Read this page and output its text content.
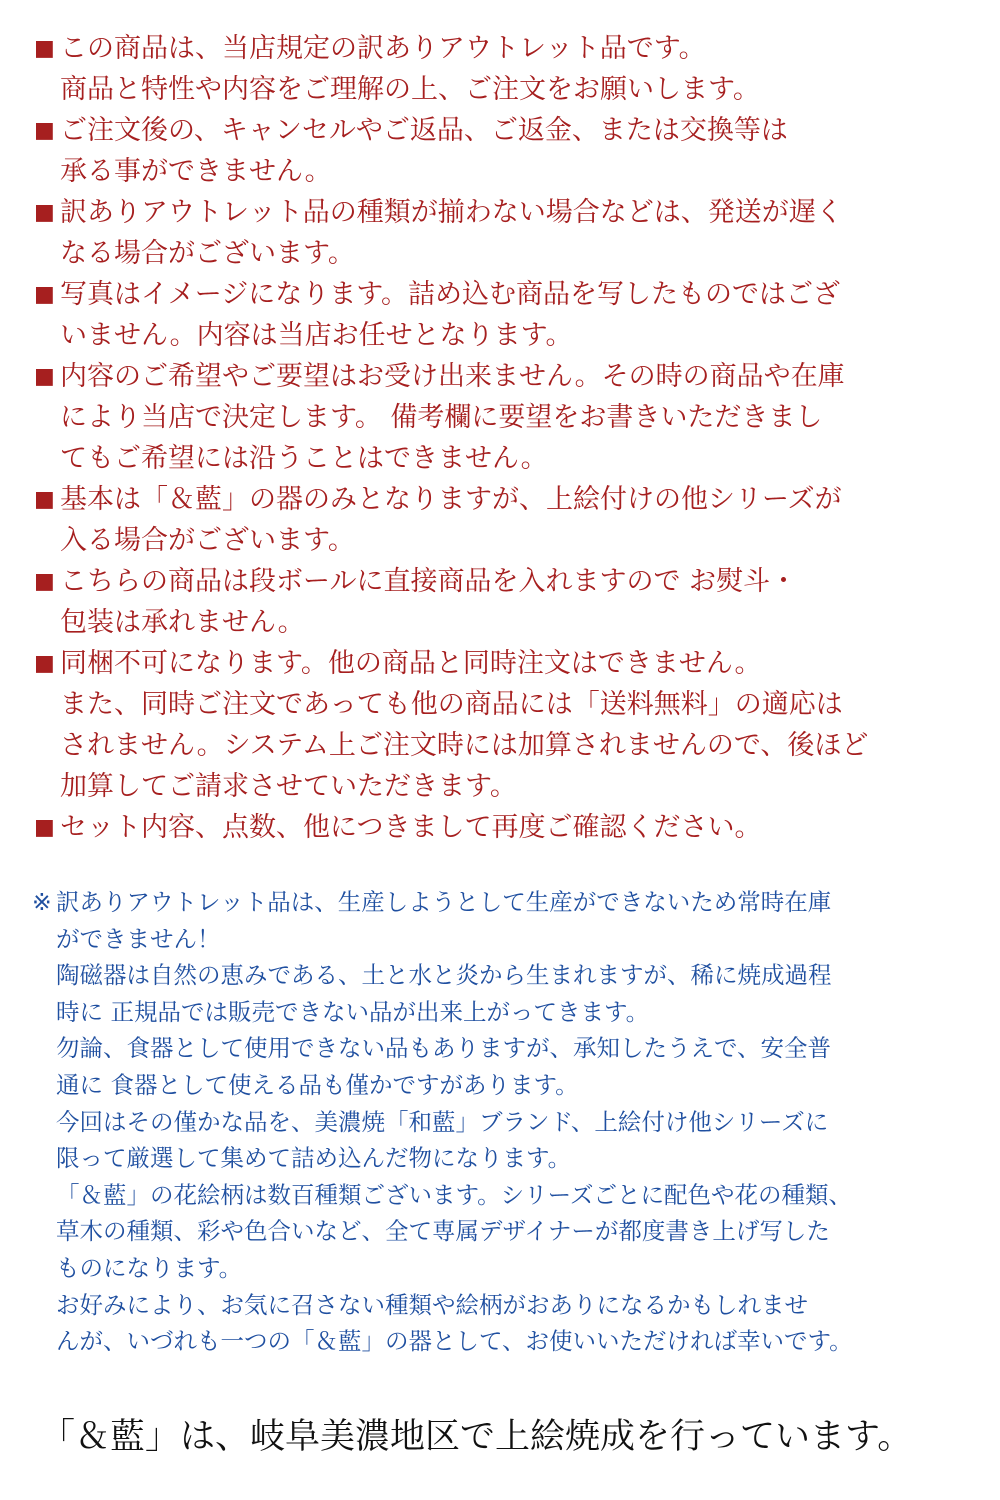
■ この商品は、当店規定の訳ありアウトレット品です。
商品と特性や内容をご理解の上、ご注文をお願いします。
■ ご注文後の、キャンセルやご返品、ご返金、または交換等は
承る事ができません。
■ 訳ありアウトレット品の種類が揃わない場合などは、発送が遅く
なる場合がございます。
■ 写真はイメージになります。詰め込む商品を写したものではござ
いません。内容は当店お任せとなります。
■ 内容のご希望やご要望はお受け出来ません。その時の商品や在庫
により当店で決定します。 備考欄に要望をお書きいただきまし
てもご希望には沿うことはできません。
■ 基本は「＆藍」の器のみとなりますが、上絵付けの他シリーズが
入る場合がございます。
■ こちらの商品は段ボールに直接商品を入れますので お熨斗・
包装は承れません。
■ 同梱不可になります。他の商品と同時注文はできません。
また、同時ご注文であっても他の商品には「送料無料」の適応は
されません。システム上ご注文時には加算されませんので、後ほど
加算してご請求させていただきます。
■ セット内容、点数、他につきまして再度ご確認ください。
※ 訳ありアウトレット品は、生産しようとして生産ができないため常時在庫
ができません！
陶磁器は自然の恵みである、土と水と炎から生まれますが、稀に焼成過程
時に 正規品では販売できない品が出来上がってきます。
勿論、食器として使用できない品もありますが、承知したうえで、安全普
通に 食器として使える品も僅かですがあります。
今回はその僅かな品を、美濃焼「和藍」ブランド、上絵付け他シリーズに
限って厳選して集めて詰め込んだ物になります。
「＆藍」の花絵柄は数百種類ございます。シリーズごとに配色や花の種類、
草木の種類、彩や色合いなど、全て専属デザイナーが都度書き上げ写した
ものになります。
お好みにより、お気に召さない種類や絵柄がおありになるかもしれませ
んが、いづれも一つの「＆藍」の器として、お使いいただければ幸いです。
「＆藍」は、岐阜美濃地区で上絵焼成を行っています。
